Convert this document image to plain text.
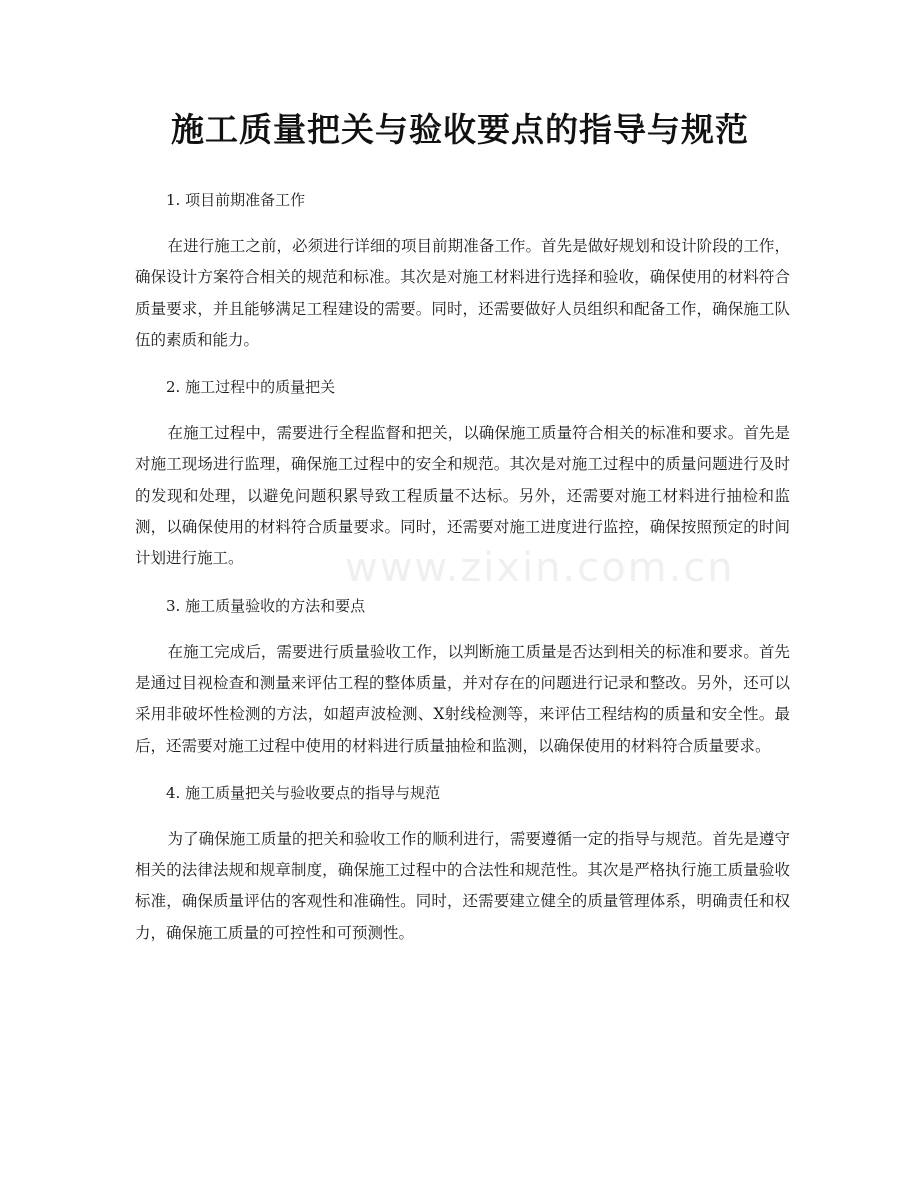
施工质量把关与验收要点的指导与规范
www.zixin.com.cn

1. 项目前期准备工作

在进行施工之前，必须进行详细的项目前期准备工作。首先是做好规划和设计阶段的工作，确保设计方案符合相关的规范和标准。其次是对施工材料进行选择和验收，确保使用的材料符合质量要求，并且能够满足工程建设的需要。同时，还需要做好人员组织和配备工作，确保施工队伍的素质和能力。

2. 施工过程中的质量把关

在施工过程中，需要进行全程监督和把关，以确保施工质量符合相关的标准和要求。首先是对施工现场进行监理，确保施工过程中的安全和规范。其次是对施工过程中的质量问题进行及时的发现和处理，以避免问题积累导致工程质量不达标。另外，还需要对施工材料进行抽检和监测，以确保使用的材料符合质量要求。同时，还需要对施工进度进行监控，确保按照预定的时间计划进行施工。

3. 施工质量验收的方法和要点

在施工完成后，需要进行质量验收工作，以判断施工质量是否达到相关的标准和要求。首先是通过目视检查和测量来评估工程的整体质量，并对存在的问题进行记录和整改。另外，还可以采用非破坏性检测的方法，如超声波检测、X射线检测等，来评估工程结构的质量和安全性。最后，还需要对施工过程中使用的材料进行质量抽检和监测，以确保使用的材料符合质量要求。

4. 施工质量把关与验收要点的指导与规范

为了确保施工质量的把关和验收工作的顺利进行，需要遵循一定的指导与规范。首先是遵守相关的法律法规和规章制度，确保施工过程中的合法性和规范性。其次是严格执行施工质量验收标准，确保质量评估的客观性和准确性。同时，还需要建立健全的质量管理体系，明确责任和权力，确保施工质量的可控性和可预测性。
